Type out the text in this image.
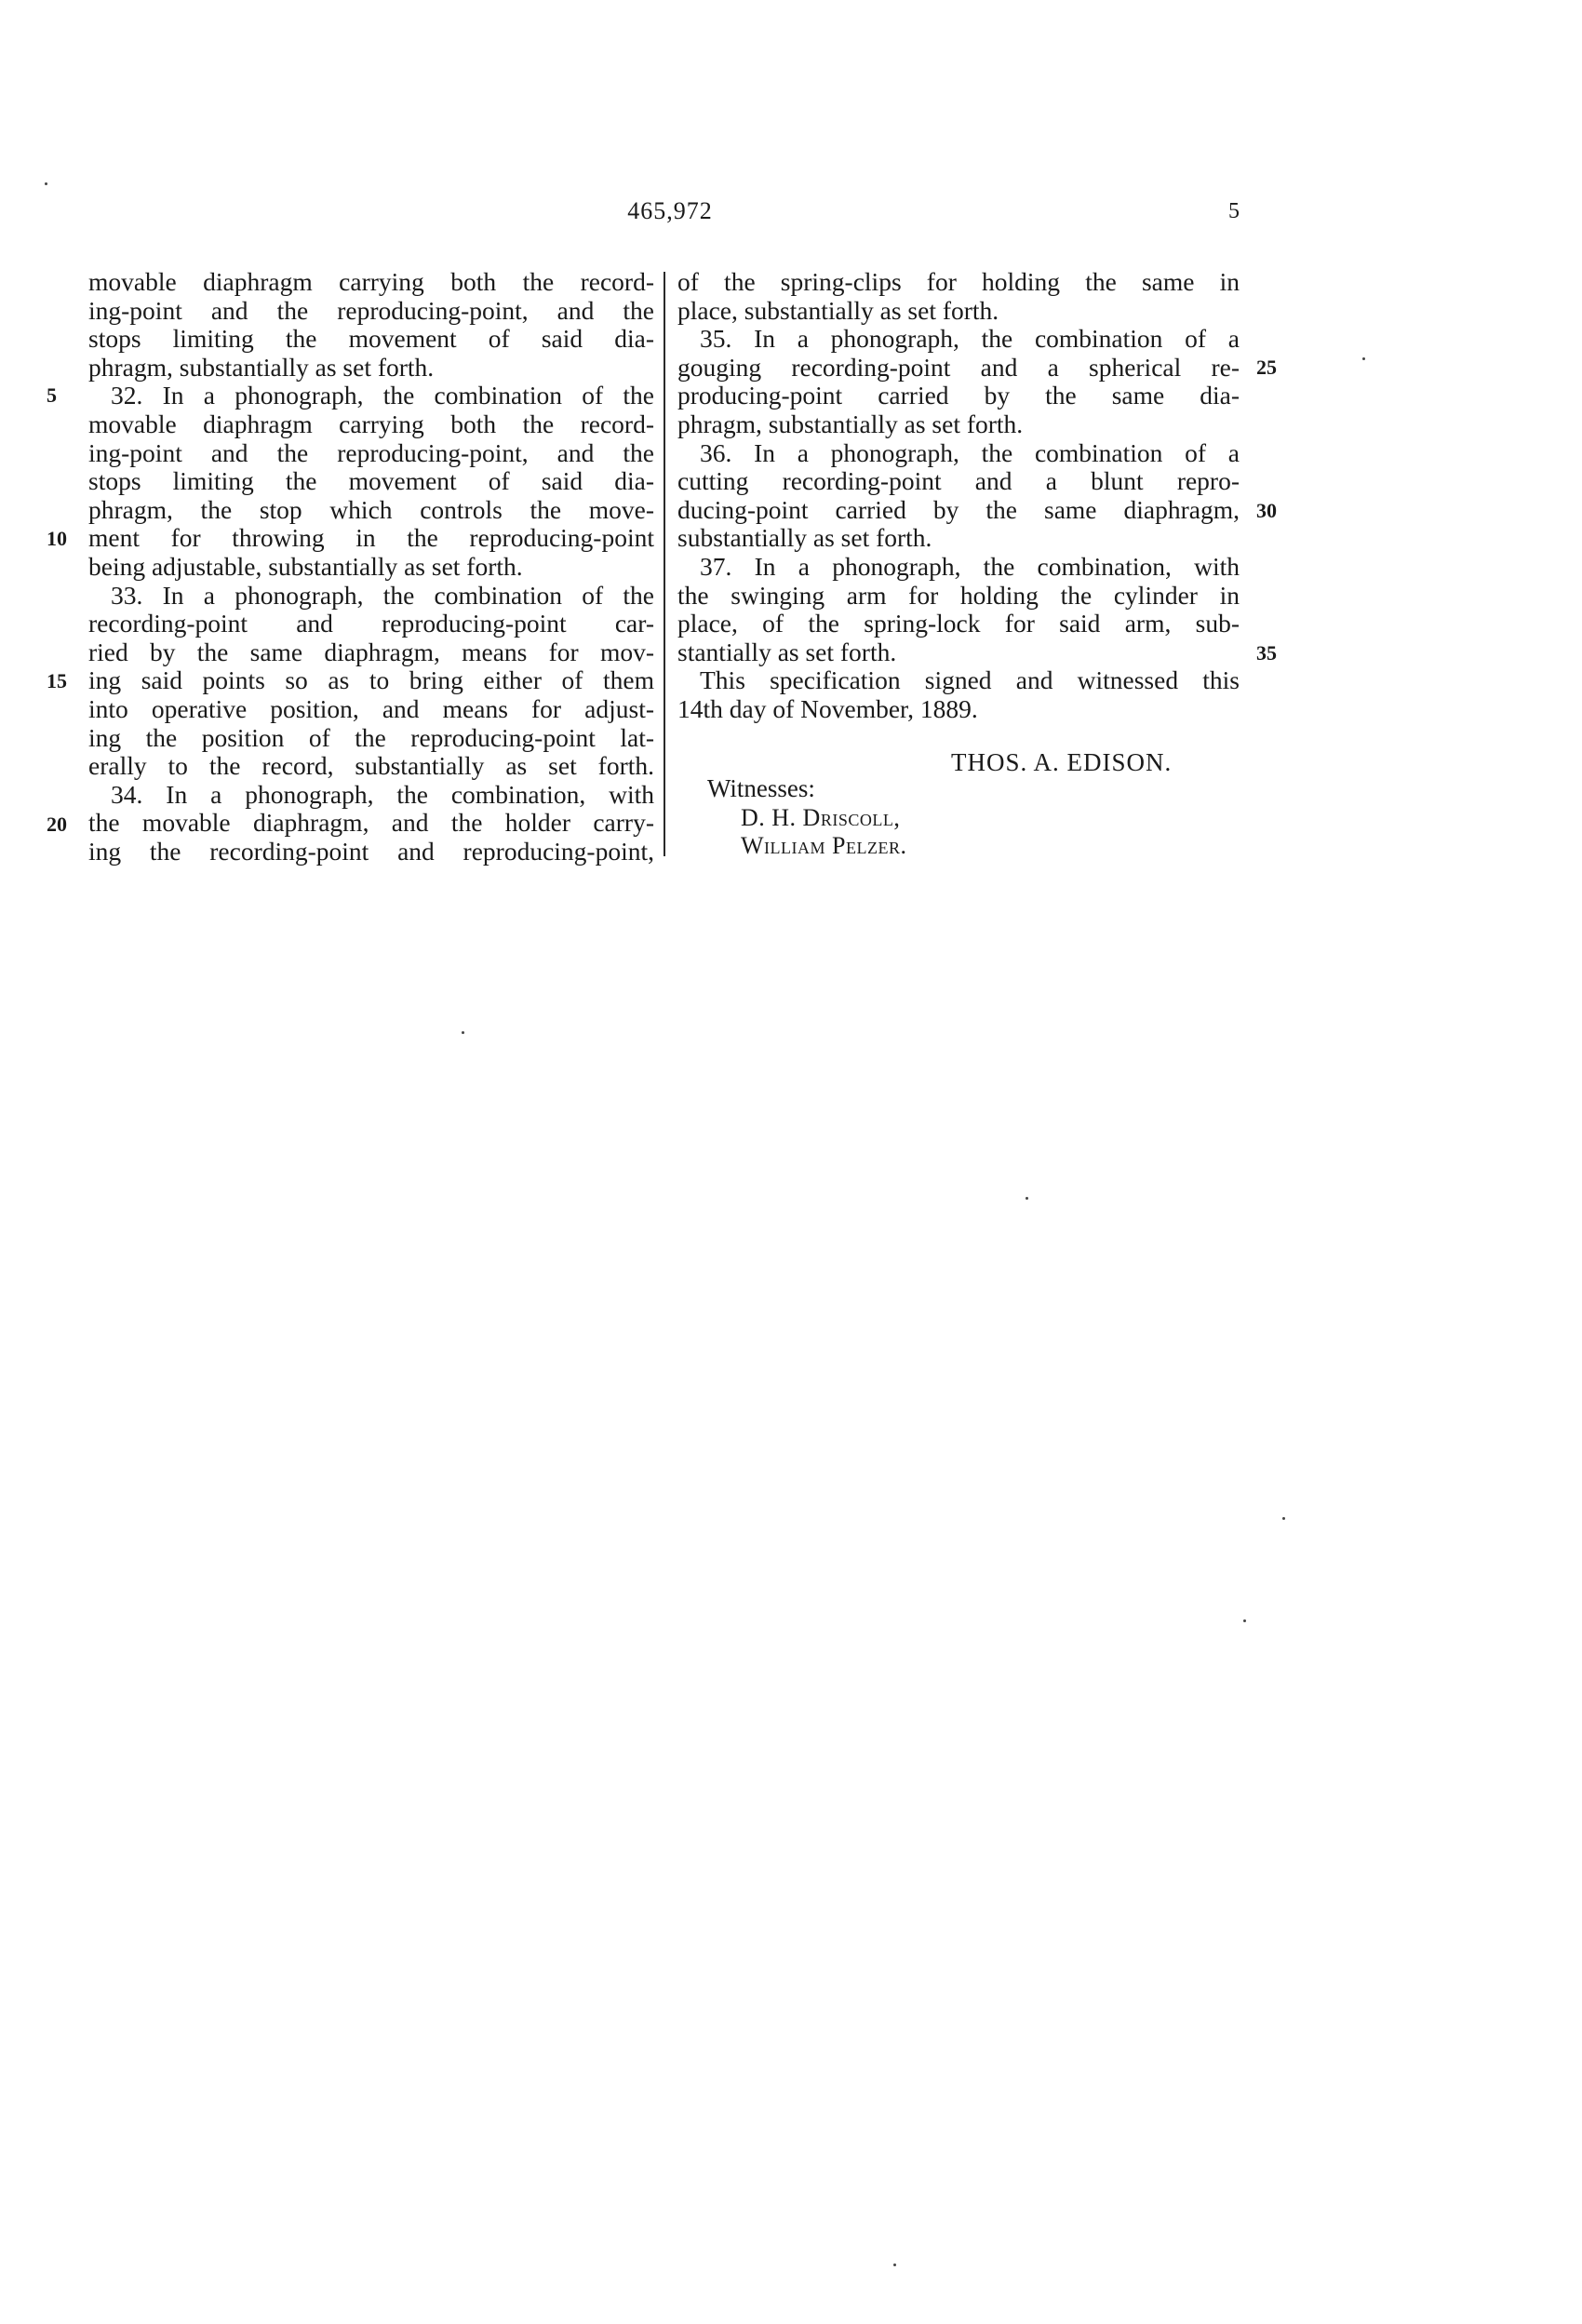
465,972	5
movable diaphragm carrying both the record-
ing-point and the reproducing-point, and the
stops limiting the movement of said dia-
phragm, substantially as set forth.
32. In a phonograph, the combination of the
movable diaphragm carrying both the record-
ing-point and the reproducing-point, and the
stops limiting the movement of said dia-
phragm, the stop which controls the move-
ment for throwing in the reproducing-point
being adjustable, substantially as set forth.
33. In a phonograph, the combination of the
recording-point and reproducing-point car-
ried by the same diaphragm, means for mov-
ing said points so as to bring either of them
into operative position, and means for adjust-
ing the position of the reproducing-point lat-
erally to the record, substantially as set forth.
34. In a phonograph, the combination, with
the movable diaphragm, and the holder carry-
ing the recording-point and reproducing-point,
5
10
15
20
of the spring-clips for holding the same in
place, substantially as set forth.
35. In a phonograph, the combination of a
gouging recording-point and a spherical re-
producing-point carried by the same dia-
phragm, substantially as set forth.
36. In a phonograph, the combination of a
cutting recording-point and a blunt repro-
ducing-point carried by the same diaphragm,
substantially as set forth.
37. In a phonograph, the combination, with
the swinging arm for holding the cylinder in
place, of the spring-lock for said arm, sub-
stantially as set forth.
This specification signed and witnessed this
14th day of November, 1889.
25
30
35
THOS. A. EDISON.
Witnesses:
D. H. Driscoll,
William Pelzer.
